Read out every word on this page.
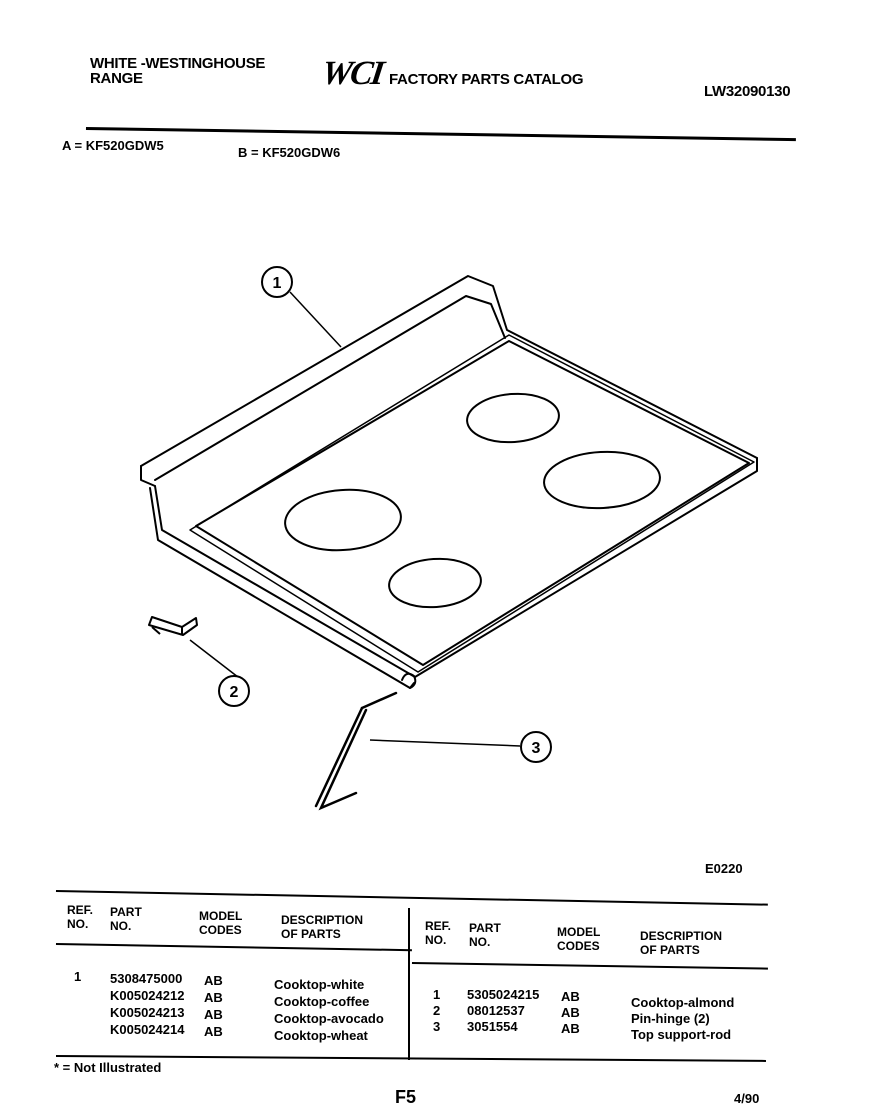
WHITE -WESTINGHOUSE
RANGE	WCI FACTORY PARTS CATALOG
LW32090130
A = KF520GDW5	B = KF520GDW6
1
2
3
E0220
REF.
NO.
PART
NO.
MODEL
CODES
DESCRIPTION
OF PARTS
REF.
NO.
PART
NO.
MODEL
CODES
DESCRIPTION
OF PARTS
1 5308475000 AB	Cooktop-white
K005024212 AB	Cooktop-coffee
K005024213 AB	Cooktop-avocado
K005024214 AB	Cooktop-wheat
1 5305024215 AB	Cooktop-almond
2 08012537	AB	Pin-hinge (2)
3 3051554	AB	Top support-rod
* = Not Illustrated
F5	4/90
